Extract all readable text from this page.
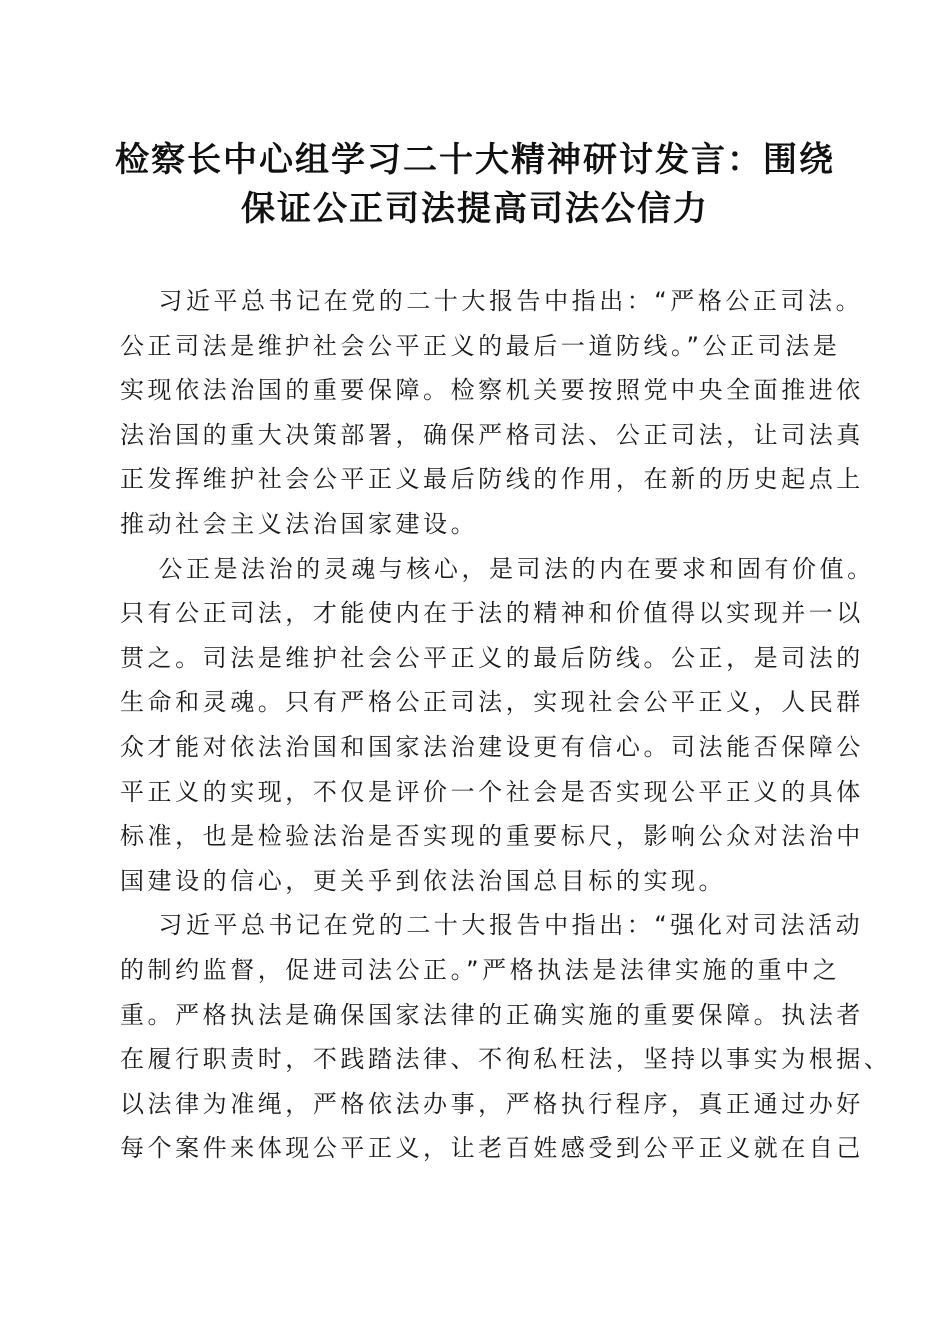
检察长中心组学习二十大精神研讨发言：围绕
保证公正司法提高司法公信力

习近平总书记在党的二十大报告中指出：“严格公正司法。
公正司法是维护社会公平正义的最后一道防线。”公正司法是
实现依法治国的重要保障。检察机关要按照党中央全面推进依
法治国的重大决策部署，确保严格司法、公正司法，让司法真
正发挥维护社会公平正义最后防线的作用，在新的历史起点上
推动社会主义法治国家建设。

公正是法治的灵魂与核心，是司法的内在要求和固有价值。
只有公正司法，才能使内在于法的精神和价值得以实现并一以
贯之。司法是维护社会公平正义的最后防线。公正，是司法的
生命和灵魂。只有严格公正司法，实现社会公平正义，人民群
众才能对依法治国和国家法治建设更有信心。司法能否保障公
平正义的实现，不仅是评价一个社会是否实现公平正义的具体
标准，也是检验法治是否实现的重要标尺，影响公众对法治中
国建设的信心，更关乎到依法治国总目标的实现。

习近平总书记在党的二十大报告中指出：“强化对司法活动
的制约监督，促进司法公正。”严格执法是法律实施的重中之
重。严格执法是确保国家法律的正确实施的重要保障。执法者
在履行职责时，不践踏法律、不徇私枉法，坚持以事实为根据、
以法律为准绳，严格依法办事，严格执行程序，真正通过办好
每个案件来体现公平正义，让老百姓感受到公平正义就在自己
